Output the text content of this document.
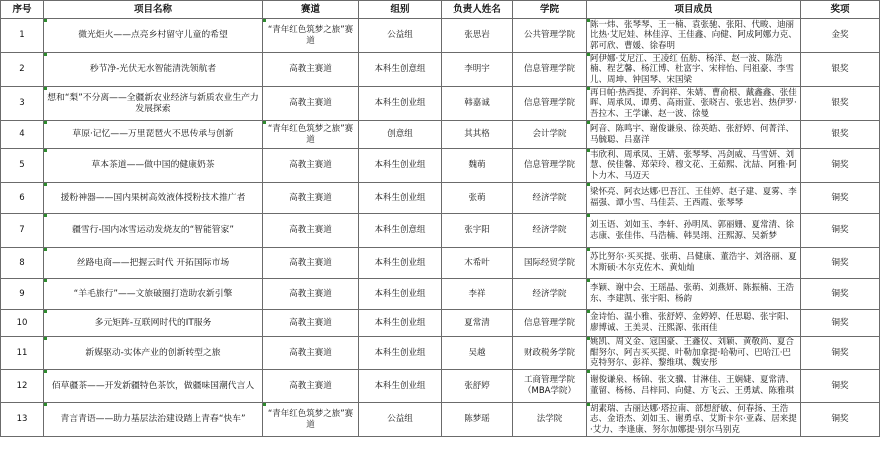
序号	项目名称	赛道	组别	负责人姓名	学院	项目成员	奖项
1	微光炬火——点亮乡村留守儿童的希望	“青年红色筑梦之旅”赛道	公益组	张思岩	公共管理学院	陈一炜、张琴琴、王一楠、袁张驰、张阳、代畯、迪丽比热·艾尼娃、林佳淳、王佳鑫、向健、阿成阿娜力克、郭可欣、曹媛、徐春明	金奖
2	秒节净-光伏无水智能清洗领航者	高教主赛道	本科生创意组	李明宇	信息管理学院	阿伊娜·艾尼江、王凌红 伍舫、杨洋、赵一波、陈浩楠、程艺馨、杨江博、杜富宇、宋梓怡、闫祖豪、李雪儿、周坤、钟国琴、宋国梁	银奖
3	想和“梨”不分离——全疆新农业经济与新质农业生产力发展探索	高教主赛道	本科生创业组	韩嘉诚	信息管理学院	再日帕·热西提、乔润祥、朱婧、曹俞根、戴鑫鑫、张佳晖、周承凤、谭勇、高雨萱、张晓吉、张忠岩、热伊罗·吾拉木、王学谦、赵一波、徐曼	银奖
4	草原·记忆——万里琵琶火不思传承与创新	“青年红色筑梦之旅”赛道	创意组	其其格	会计学院	阿音、陈鸣宇、谢俊谦泉、徐英皓、张舒婷、何菁洋、马毓聪、吕嘉洋	银奖
5	草本茶道——做中国的健康奶茶	高教主赛道	本科生创业组	魏萌	信息管理学院	韦欣利、周承凤、王婧、张琴琴、冯剑威、马雪妍、刘慧、侯佳馨、郑荣玲、穆文花、王茹熙、沈喆、阿雅·阿卜力木、马迈天	铜奖
6	援粉神器——国内果树高效液体授粉技术推广者	高教主赛道	本科生创业组	张萌	经济学院	梁怀亮、阿衣达娜·巴吾江、王佳婷、赵子建、夏雾、李福强、谭小雪、马佳芸、王西霞、张琴琴	铜奖
7	疆雪行-国内冰雪运动发烧友的“智能管家”	高教主赛道	本科生创意组	张宇阳	经济学院	刘玉语、刘如玉、李轩、孙明凤、郭丽姗、夏常清、徐志康、张佳伟、马浩楠、韩昊翊、汪熙源、吴新梦	铜奖
8	丝路电商——把握云时代 开拓国际市场	高教主赛道	本科生创业组	木希叶	国际经贸学院	苏比努尔·买买提、张萌、吕健康、董浩宇、刘洛丽、夏木斯硕·木尔克佐木、黄灿灿	铜奖
9	“羊毛旅行”——文旅破圈打造助农新引擎	高教主赛道	本科生创业组	李祥	经济学院	李颖、谢中会、王瑶晶、张萌、刘燕妍、陈振楠、王浩东、李建凯、张宇阳、杨韵	铜奖
10	多元矩阵-互联网时代的IT服务	高教主赛道	本科生创业组	夏常清	信息管理学院	金诗怡、温小雅、张舒婷、金婷婷、任思聪、张宇阳、廖博诚、王美灵、汪熙源、张雨佳	铜奖
11	新媒驱动-实体产业的创新转型之旅	高教主赛道	本科生创业组	吴越	财政税务学院	姚凯、周义金、寇国豪、王鑫仪、刘颖、黄敬尚、夏合酣努尔、阿吉买买提、叶勒加拿提·哈勒可、巴哈江·巴克特努尔、彭祥、黎维琪、魏安彤	铜奖
12	佰草疆茶——开发新疆特色茶饮，做疆味国潮代言人	高教主赛道	本科生创业组	张舒婷	工商管理学院（MBA学院）	谢俊谦泉、杨锦、张文骥、甘淋佳、王娴婕、夏常清、董留、杨杨、吕梓同、向健、方飞云、王勇斌、陈雅琪	铜奖
13	青言青语——助力基层法治建设踏上青春“快车”	“青年红色筑梦之旅”赛道	公益组	陈梦瑶	法学院	胡素瑞、古丽达娜·塔拉南、部想舒敏、何春扬、王浩志、金语杰、刘如玉、谢勇卓、艾斯卡尔·亚森、居来提·艾力、李逢康、努尔加娜提·别尔马别克	铜奖
